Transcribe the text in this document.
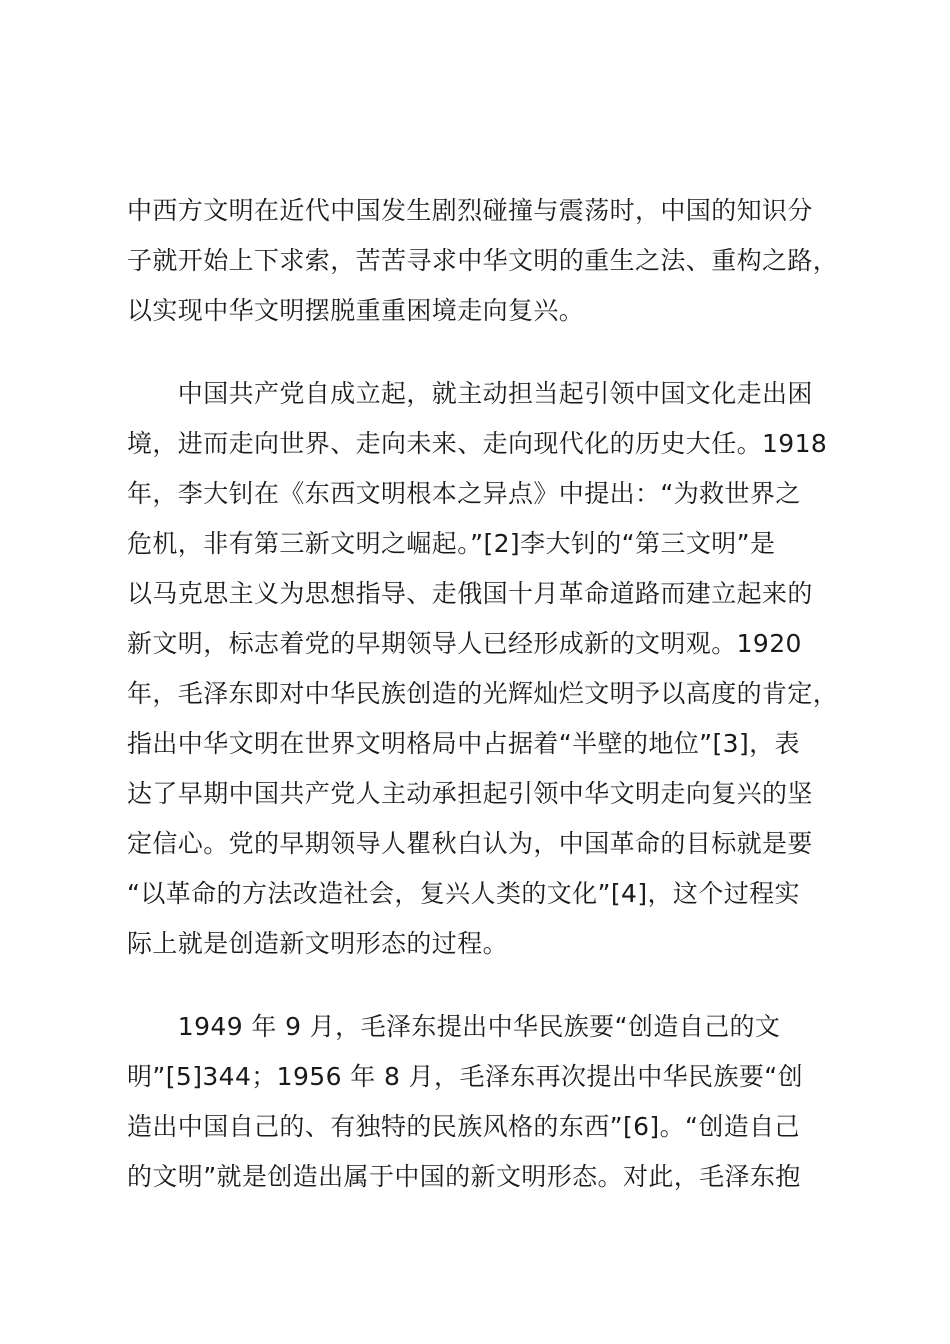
中西方文明在近代中国发生剧烈碰撞与震荡时，中国的知识分
子就开始上下求索，苦苦寻求中华文明的重生之法、重构之路，
以实现中华文明摆脱重重困境走向复兴。
　　中国共产党自成立起，就主动担当起引领中国文化走出困
境，进而走向世界、走向未来、走向现代化的历史大任。1918
年，李大钊在《东西文明根本之异点》中提出：“为救世界之
危机，非有第三新文明之崛起。”[2]李大钊的“第三文明”是
以马克思主义为思想指导、走俄国十月革命道路而建立起来的
新文明，标志着党的早期领导人已经形成新的文明观。1920
年，毛泽东即对中华民族创造的光辉灿烂文明予以高度的肯定，
指出中华文明在世界文明格局中占据着“半壁的地位”[3]，表
达了早期中国共产党人主动承担起引领中华文明走向复兴的坚
定信心。党的早期领导人瞿秋白认为，中国革命的目标就是要
“以革命的方法改造社会，复兴人类的文化”[4]，这个过程实
际上就是创造新文明形态的过程。
　　1949 年 9 月，毛泽东提出中华民族要“创造自己的文
明”[5]344；1956 年 8 月，毛泽东再次提出中华民族要“创
造出中国自己的、有独特的民族风格的东西”[6]。“创造自己
的文明”就是创造出属于中国的新文明形态。对此，毛泽东抱
